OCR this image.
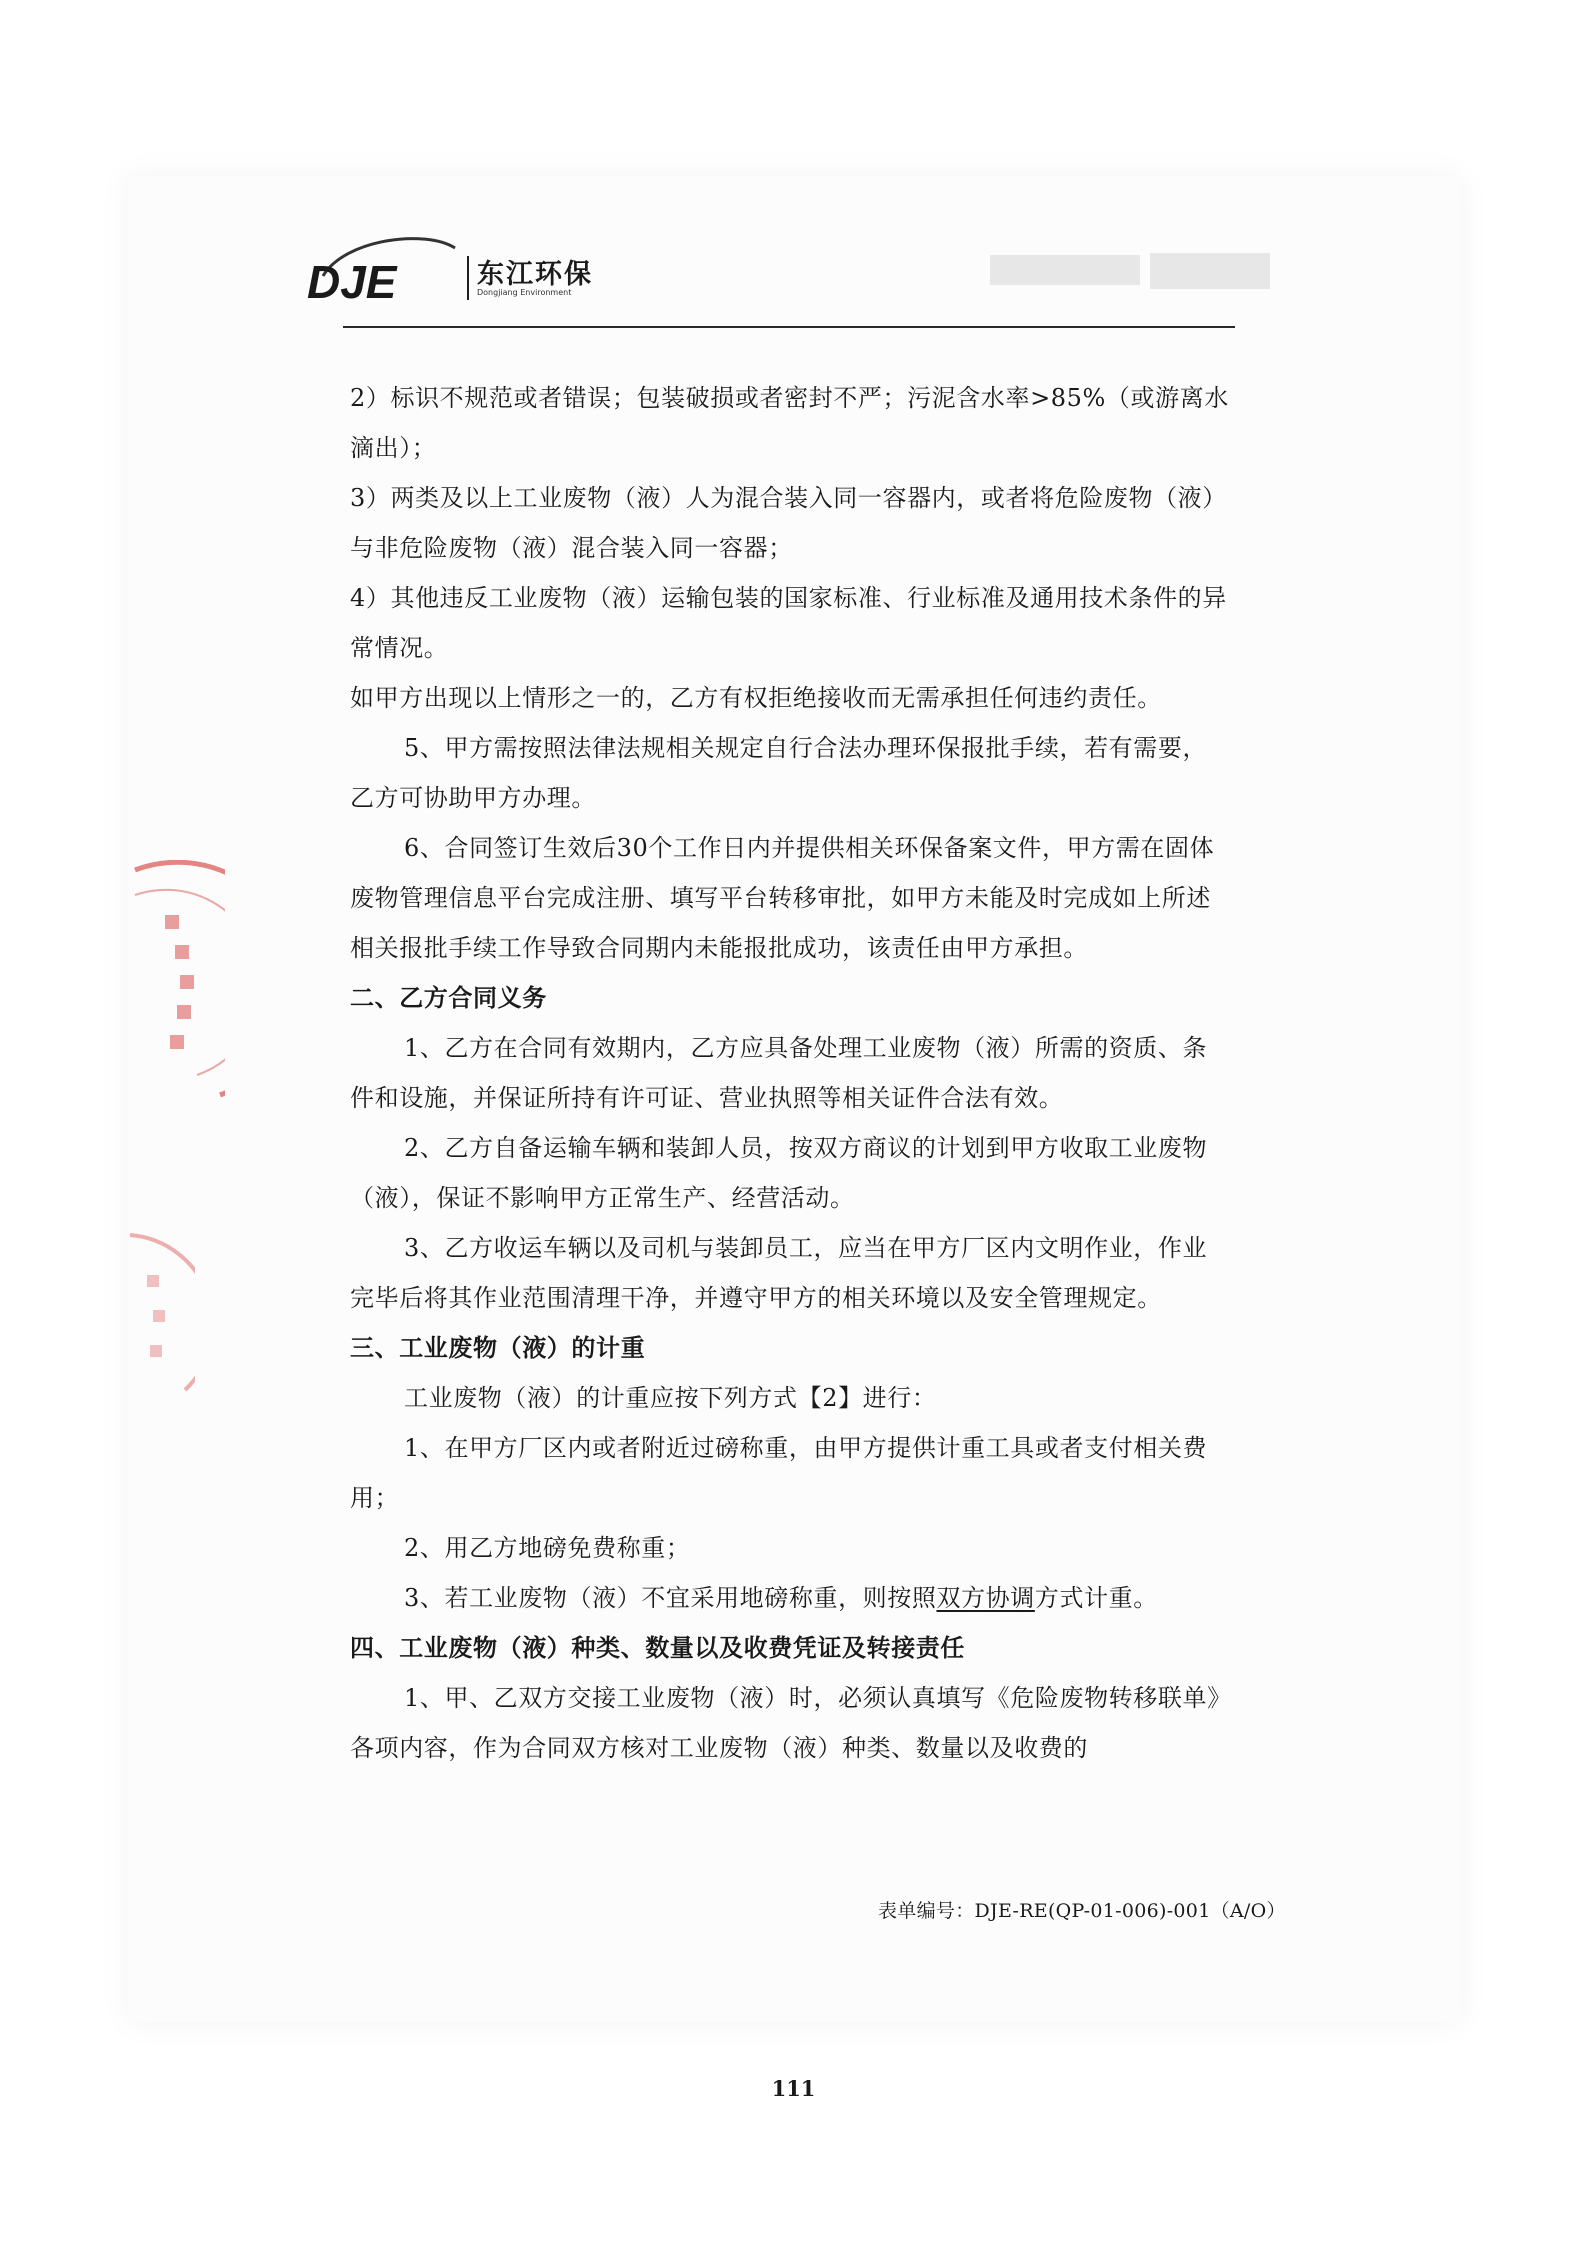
DJE	东江环保
Dongjiang Environment

2）标识不规范或者错误；包装破损或者密封不严；污泥含水率>85%（或游离水滴出）；

3）两类及以上工业废物（液）人为混合装入同一容器内，或者将危险废物（液）与非危险废物（液）混合装入同一容器；

4）其他违反工业废物（液）运输包装的国家标准、行业标准及通用技术条件的异常情况。

如甲方出现以上情形之一的，乙方有权拒绝接收而无需承担任何违约责任。

5、甲方需按照法律法规相关规定自行合法办理环保报批手续，若有需要，乙方可协助甲方办理。

6、合同签订生效后30个工作日内并提供相关环保备案文件，甲方需在固体废物管理信息平台完成注册、填写平台转移审批，如甲方未能及时完成如上所述相关报批手续工作导致合同期内未能报批成功，该责任由甲方承担。

二、乙方合同义务

1、乙方在合同有效期内，乙方应具备处理工业废物（液）所需的资质、条件和设施，并保证所持有许可证、营业执照等相关证件合法有效。

2、乙方自备运输车辆和装卸人员，按双方商议的计划到甲方收取工业废物（液），保证不影响甲方正常生产、经营活动。

3、乙方收运车辆以及司机与装卸员工，应当在甲方厂区内文明作业，作业完毕后将其作业范围清理干净，并遵守甲方的相关环境以及安全管理规定。

三、工业废物（液）的计重

工业废物（液）的计重应按下列方式【2】进行：

1、在甲方厂区内或者附近过磅称重，由甲方提供计重工具或者支付相关费用；

2、用乙方地磅免费称重；

3、若工业废物（液）不宜采用地磅称重，则按照双方协调方式计重。

四、工业废物（液）种类、数量以及收费凭证及转接责任

1、甲、乙双方交接工业废物（液）时，必须认真填写《危险废物转移联单》各项内容，作为合同双方核对工业废物（液）种类、数量以及收费的

表单编号：DJE-RE(QP-01-006)-001（A/O）
111
